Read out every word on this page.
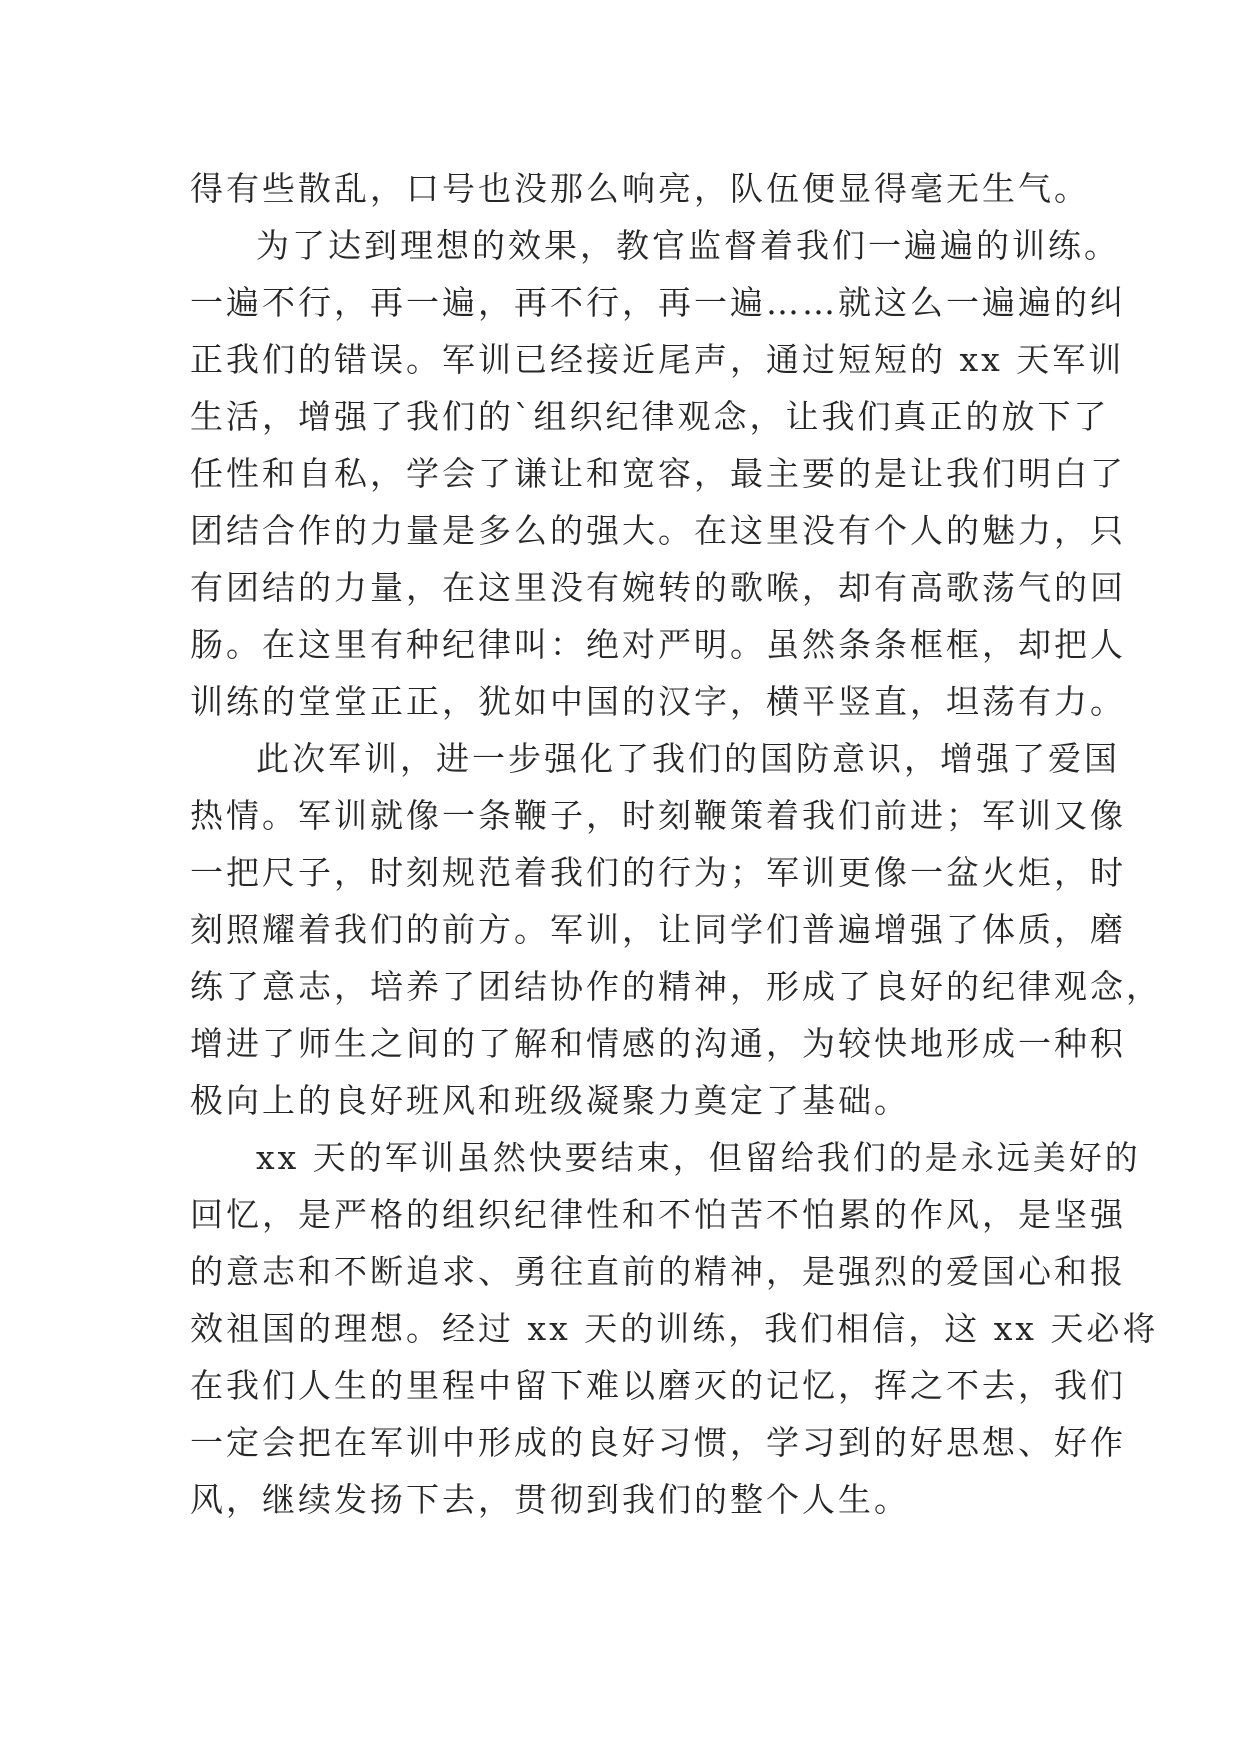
得有些散乱，口号也没那么响亮，队伍便显得毫无生气。
为了达到理想的效果，教官监督着我们一遍遍的训练。
一遍不行，再一遍，再不行，再一遍……就这么一遍遍的纠
正我们的错误。军训已经接近尾声，通过短短的 xx 天军训
生活，增强了我们的`组织纪律观念，让我们真正的放下了
任性和自私，学会了谦让和宽容，最主要的是让我们明白了
团结合作的力量是多么的强大。在这里没有个人的魅力，只
有团结的力量，在这里没有婉转的歌喉，却有高歌荡气的回
肠。在这里有种纪律叫：绝对严明。虽然条条框框，却把人
训练的堂堂正正，犹如中国的汉字，横平竖直，坦荡有力。
此次军训，进一步强化了我们的国防意识，增强了爱国
热情。军训就像一条鞭子，时刻鞭策着我们前进；军训又像
一把尺子，时刻规范着我们的行为；军训更像一盆火炬，时
刻照耀着我们的前方。军训，让同学们普遍增强了体质，磨
练了意志，培养了团结协作的精神，形成了良好的纪律观念，
增进了师生之间的了解和情感的沟通，为较快地形成一种积
极向上的良好班风和班级凝聚力奠定了基础。
xx 天的军训虽然快要结束，但留给我们的是永远美好的
回忆，是严格的组织纪律性和不怕苦不怕累的作风，是坚强
的意志和不断追求、勇往直前的精神，是强烈的爱国心和报
效祖国的理想。经过 xx 天的训练，我们相信，这 xx 天必将
在我们人生的里程中留下难以磨灭的记忆，挥之不去，我们
一定会把在军训中形成的良好习惯，学习到的好思想、好作
风，继续发扬下去，贯彻到我们的整个人生。
